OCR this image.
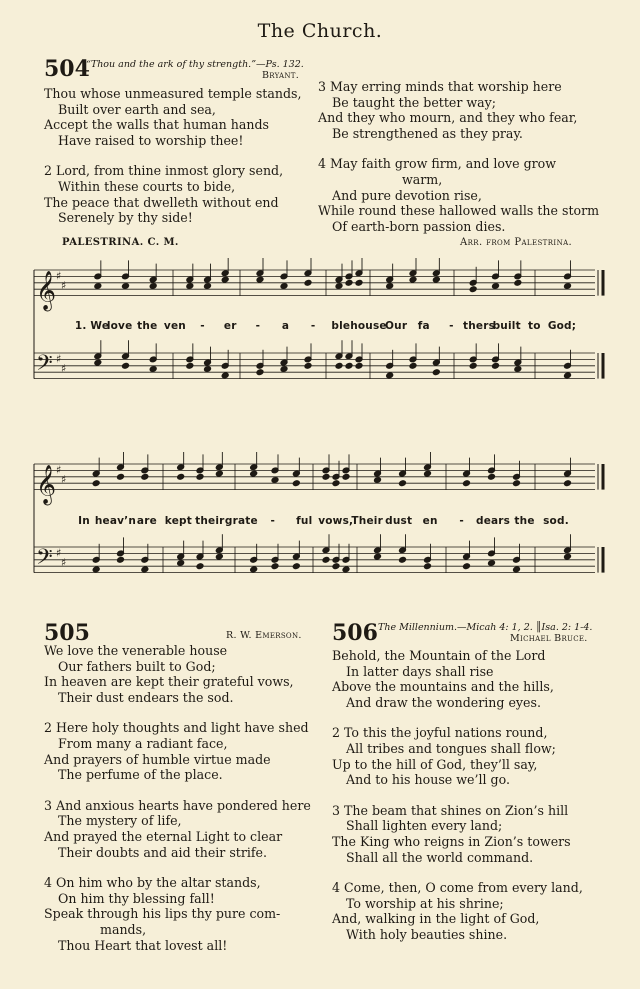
The Church.
504
“Thou and the ark of thy strength.”—Ps. 132.
Bryant.
Thou whose unmeasured temple stands,
Built over earth and sea,
Accept the walls that human hands
Have raised to worship thee!
2 Lord, from thine inmost glory send,
Within these courts to bide,
The peace that dwelleth without end
Serenely by thy side!
3 May erring minds that worship here
Be taught the better way;
And they who mourn, and they who fear,
Be strengthened as they pray.
4 May faith grow firm, and love grow
warm,
And pure devotion rise,
While round these hallowed walls the storm
Of earth-born passion dies.
PALESTRINA. C. M.	Arr. from Palestrina.
𝄞 ♯
♯
𝄢 ♯
♯
1. We
love the ven - er - a - ble house
Our fa - thers
built to God;
𝄞 ♯
♯
𝄢 ♯
♯
In heav’n are kept their grate - ful vows,
Their dust en - dears the sod.
505	R. W. Emerson.
We love the venerable house
Our fathers built to God;
In heaven are kept their grateful vows,
Their dust endears the sod.
2 Here holy thoughts and light have shed
From many a radiant face,
And prayers of humble virtue made
The perfume of the place.
3 And anxious hearts have pondered here
The mystery of life,
And prayed the eternal Light to clear
Their doubts and aid their strife.
4 On him who by the altar stands,
On him thy blessing fall!
Speak through his lips thy pure com-
mands,
Thou Heart that lovest all!
506 The Millennium.—Micah 4: 1, 2. ║Isa. 2: 1-4.
Michael Bruce.
Behold, the Mountain of the Lord
In latter days shall rise
Above the mountains and the hills,
And draw the wondering eyes.
2 To this the joyful nations round,
All tribes and tongues shall flow;
Up to the hill of God, they’ll say,
And to his house we’ll go.
3 The beam that shines on Zion’s hill
Shall lighten every land;
The King who reigns in Zion’s towers
Shall all the world command.
4 Come, then, O come from every land,
To worship at his shrine;
And, walking in the light of God,
With holy beauties shine.
